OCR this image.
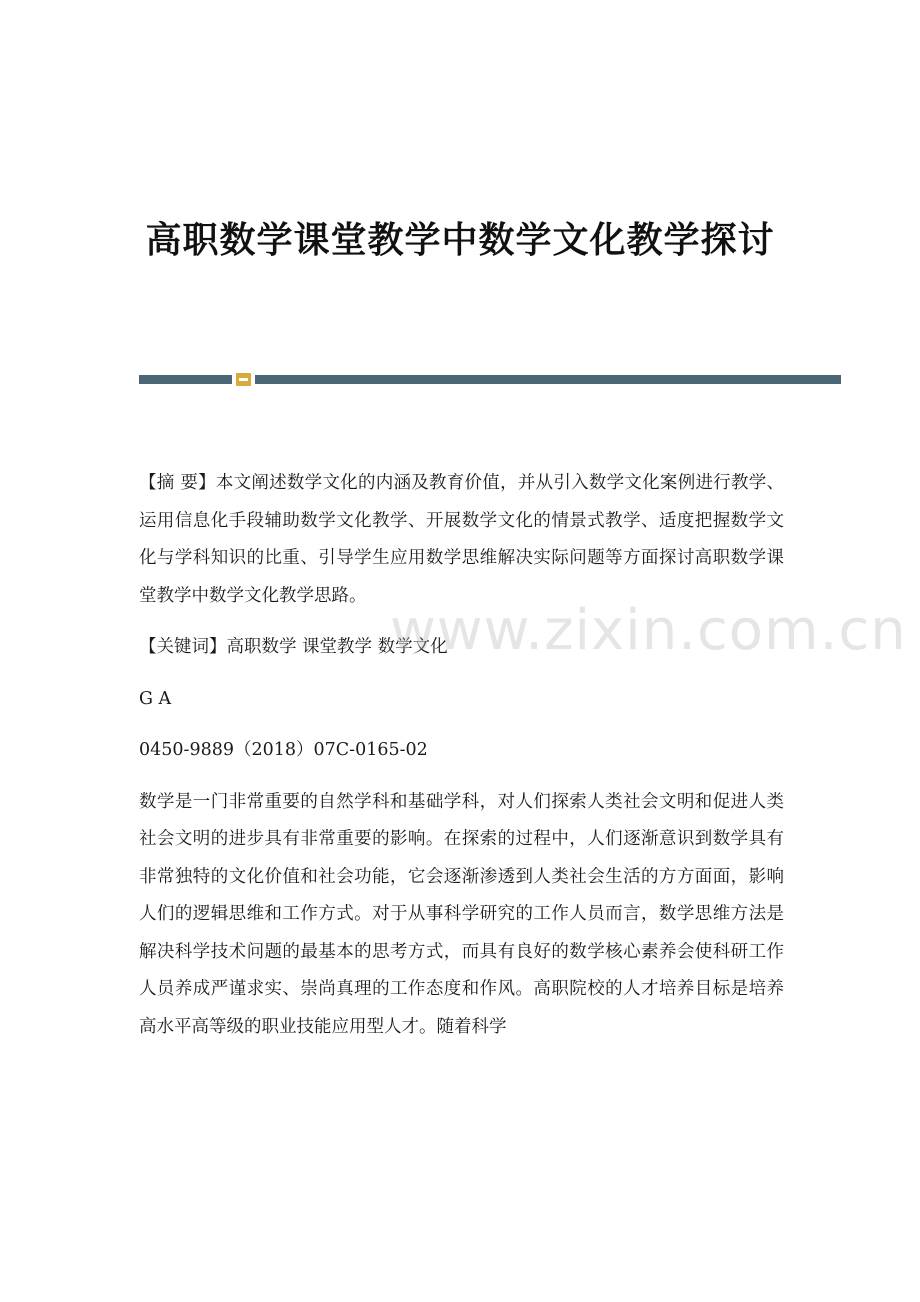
高职数学课堂教学中数学文化教学探讨

【摘 要】本文阐述数学文化的内涵及教育价值，并从引入数学文化案例进行教学、运用信息化手段辅助数学文化教学、开展数学文化的情景式教学、适度把握数学文化与学科知识的比重、引导学生应用数学思维解决实际问题等方面探讨高职数学课堂教学中数学文化教学思路。

【关键词】高职数学 课堂教学 数学文化

G A

0450-9889（2018）07C-0165-02

数学是一门非常重要的自然学科和基础学科，对人们探索人类社会文明和促进人类社会文明的进步具有非常重要的影响。在探索的过程中，人们逐渐意识到数学具有非常独特的文化价值和社会功能，它会逐渐渗透到人类社会生活的方方面面，影响人们的逻辑思维和工作方式。对于从事科学研究的工作人员而言，数学思维方法是解决科学技术问题的最基本的思考方式，而具有良好的数学核心素养会使科研工作人员养成严谨求实、崇尚真理的工作态度和作风。高职院校的人才培养目标是培养高水平高等级的职业技能应用型人才。随着科学

www.zixin.com.cn
